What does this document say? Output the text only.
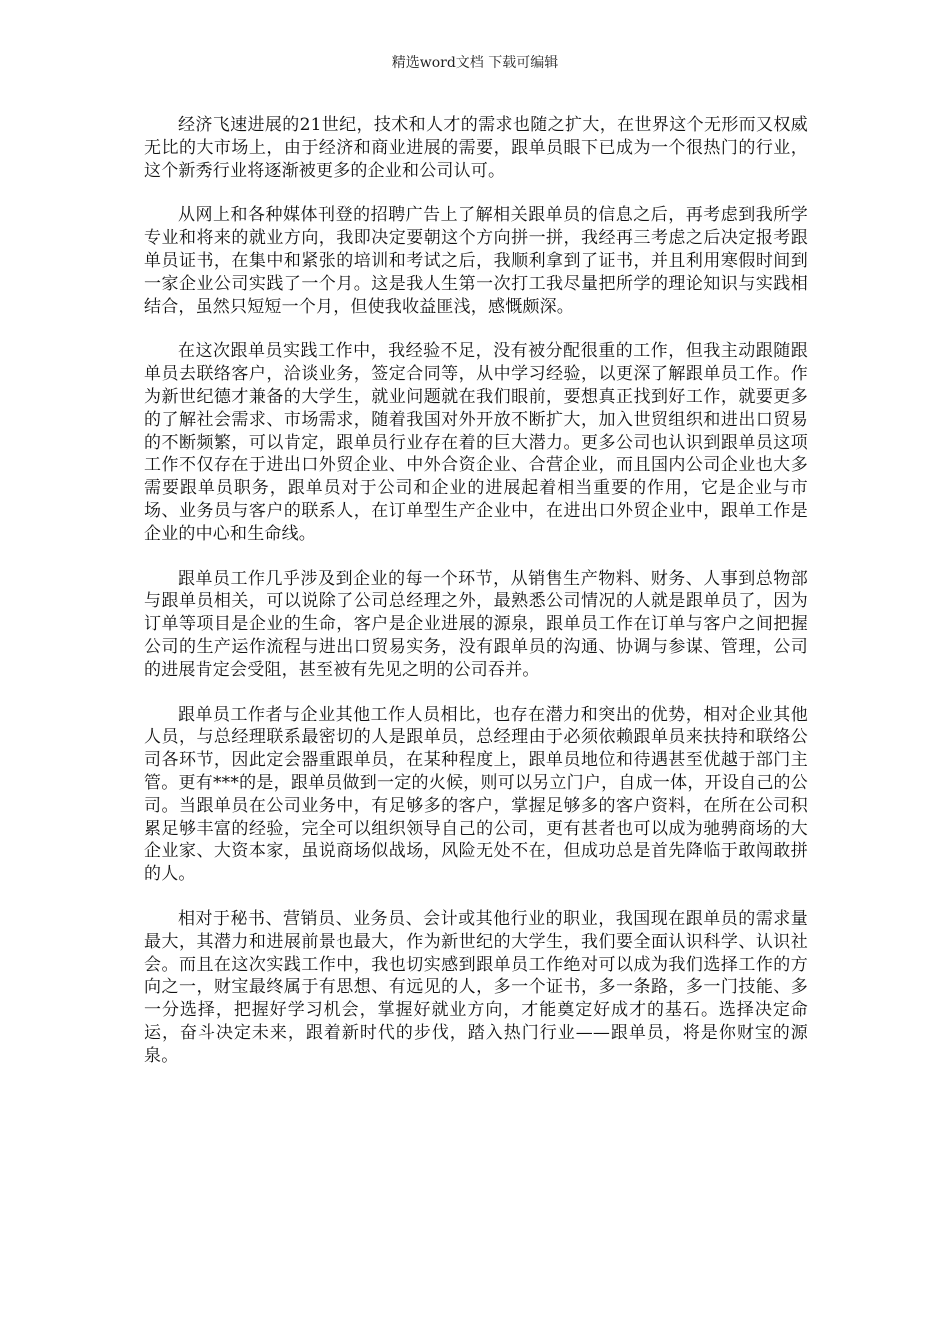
精选word文档 下载可编辑

经济飞速进展的21世纪，技术和人才的需求也随之扩大，在世界这个无形而又权威无比的大市场上，由于经济和商业进展的需要，跟单员眼下已成为一个很热门的行业，这个新秀行业将逐渐被更多的企业和公司认可。

从网上和各种媒体刊登的招聘广告上了解相关跟单员的信息之后，再考虑到我所学专业和将来的就业方向，我即决定要朝这个方向拼一拼，我经再三考虑之后决定报考跟单员证书，在集中和紧张的培训和考试之后，我顺利拿到了证书，并且利用寒假时间到一家企业公司实践了一个月。这是我人生第一次打工我尽量把所学的理论知识与实践相结合，虽然只短短一个月，但使我收益匪浅，感慨颇深。

在这次跟单员实践工作中，我经验不足，没有被分配很重的工作，但我主动跟随跟单员去联络客户，洽谈业务，签定合同等，从中学习经验，以更深了解跟单员工作。作为新世纪德才兼备的大学生，就业问题就在我们眼前，要想真正找到好工作，就要更多的了解社会需求、市场需求，随着我国对外开放不断扩大，加入世贸组织和进出口贸易的不断频繁，可以肯定，跟单员行业存在着的巨大潜力。更多公司也认识到跟单员这项工作不仅存在于进出口外贸企业、中外合资企业、合营企业，而且国内公司企业也大多需要跟单员职务，跟单员对于公司和企业的进展起着相当重要的作用，它是企业与市场、业务员与客户的联系人，在订单型生产企业中，在进出口外贸企业中，跟单工作是企业的中心和生命线。

跟单员工作几乎涉及到企业的每一个环节，从销售生产物料、财务、人事到总物部与跟单员相关，可以说除了公司总经理之外，最熟悉公司情况的人就是跟单员了，因为订单等项目是企业的生命，客户是企业进展的源泉，跟单员工作在订单与客户之间把握公司的生产运作流程与进出口贸易实务，没有跟单员的沟通、协调与参谋、管理，公司的进展肯定会受阻，甚至被有先见之明的公司吞并。

跟单员工作者与企业其他工作人员相比，也存在潜力和突出的优势，相对企业其他人员，与总经理联系最密切的人是跟单员，总经理由于必须依赖跟单员来扶持和联络公司各环节，因此定会器重跟单员，在某种程度上，跟单员地位和待遇甚至优越于部门主管。更有***的是，跟单员做到一定的火候，则可以另立门户，自成一体，开设自己的公司。当跟单员在公司业务中，有足够多的客户，掌握足够多的客户资料，在所在公司积累足够丰富的经验，完全可以组织领导自己的公司，更有甚者也可以成为驰骋商场的大企业家、大资本家，虽说商场似战场，风险无处不在，但成功总是首先降临于敢闯敢拼的人。

相对于秘书、营销员、业务员、会计或其他行业的职业，我国现在跟单员的需求量最大，其潜力和进展前景也最大，作为新世纪的大学生，我们要全面认识科学、认识社会。而且在这次实践工作中，我也切实感到跟单员工作绝对可以成为我们选择工作的方向之一，财宝最终属于有思想、有远见的人，多一个证书，多一条路，多一门技能、多一分选择，把握好学习机会，掌握好就业方向，才能奠定好成才的基石。选择决定命运，奋斗决定未来，跟着新时代的步伐，踏入热门行业——跟单员，将是你财宝的源泉。
